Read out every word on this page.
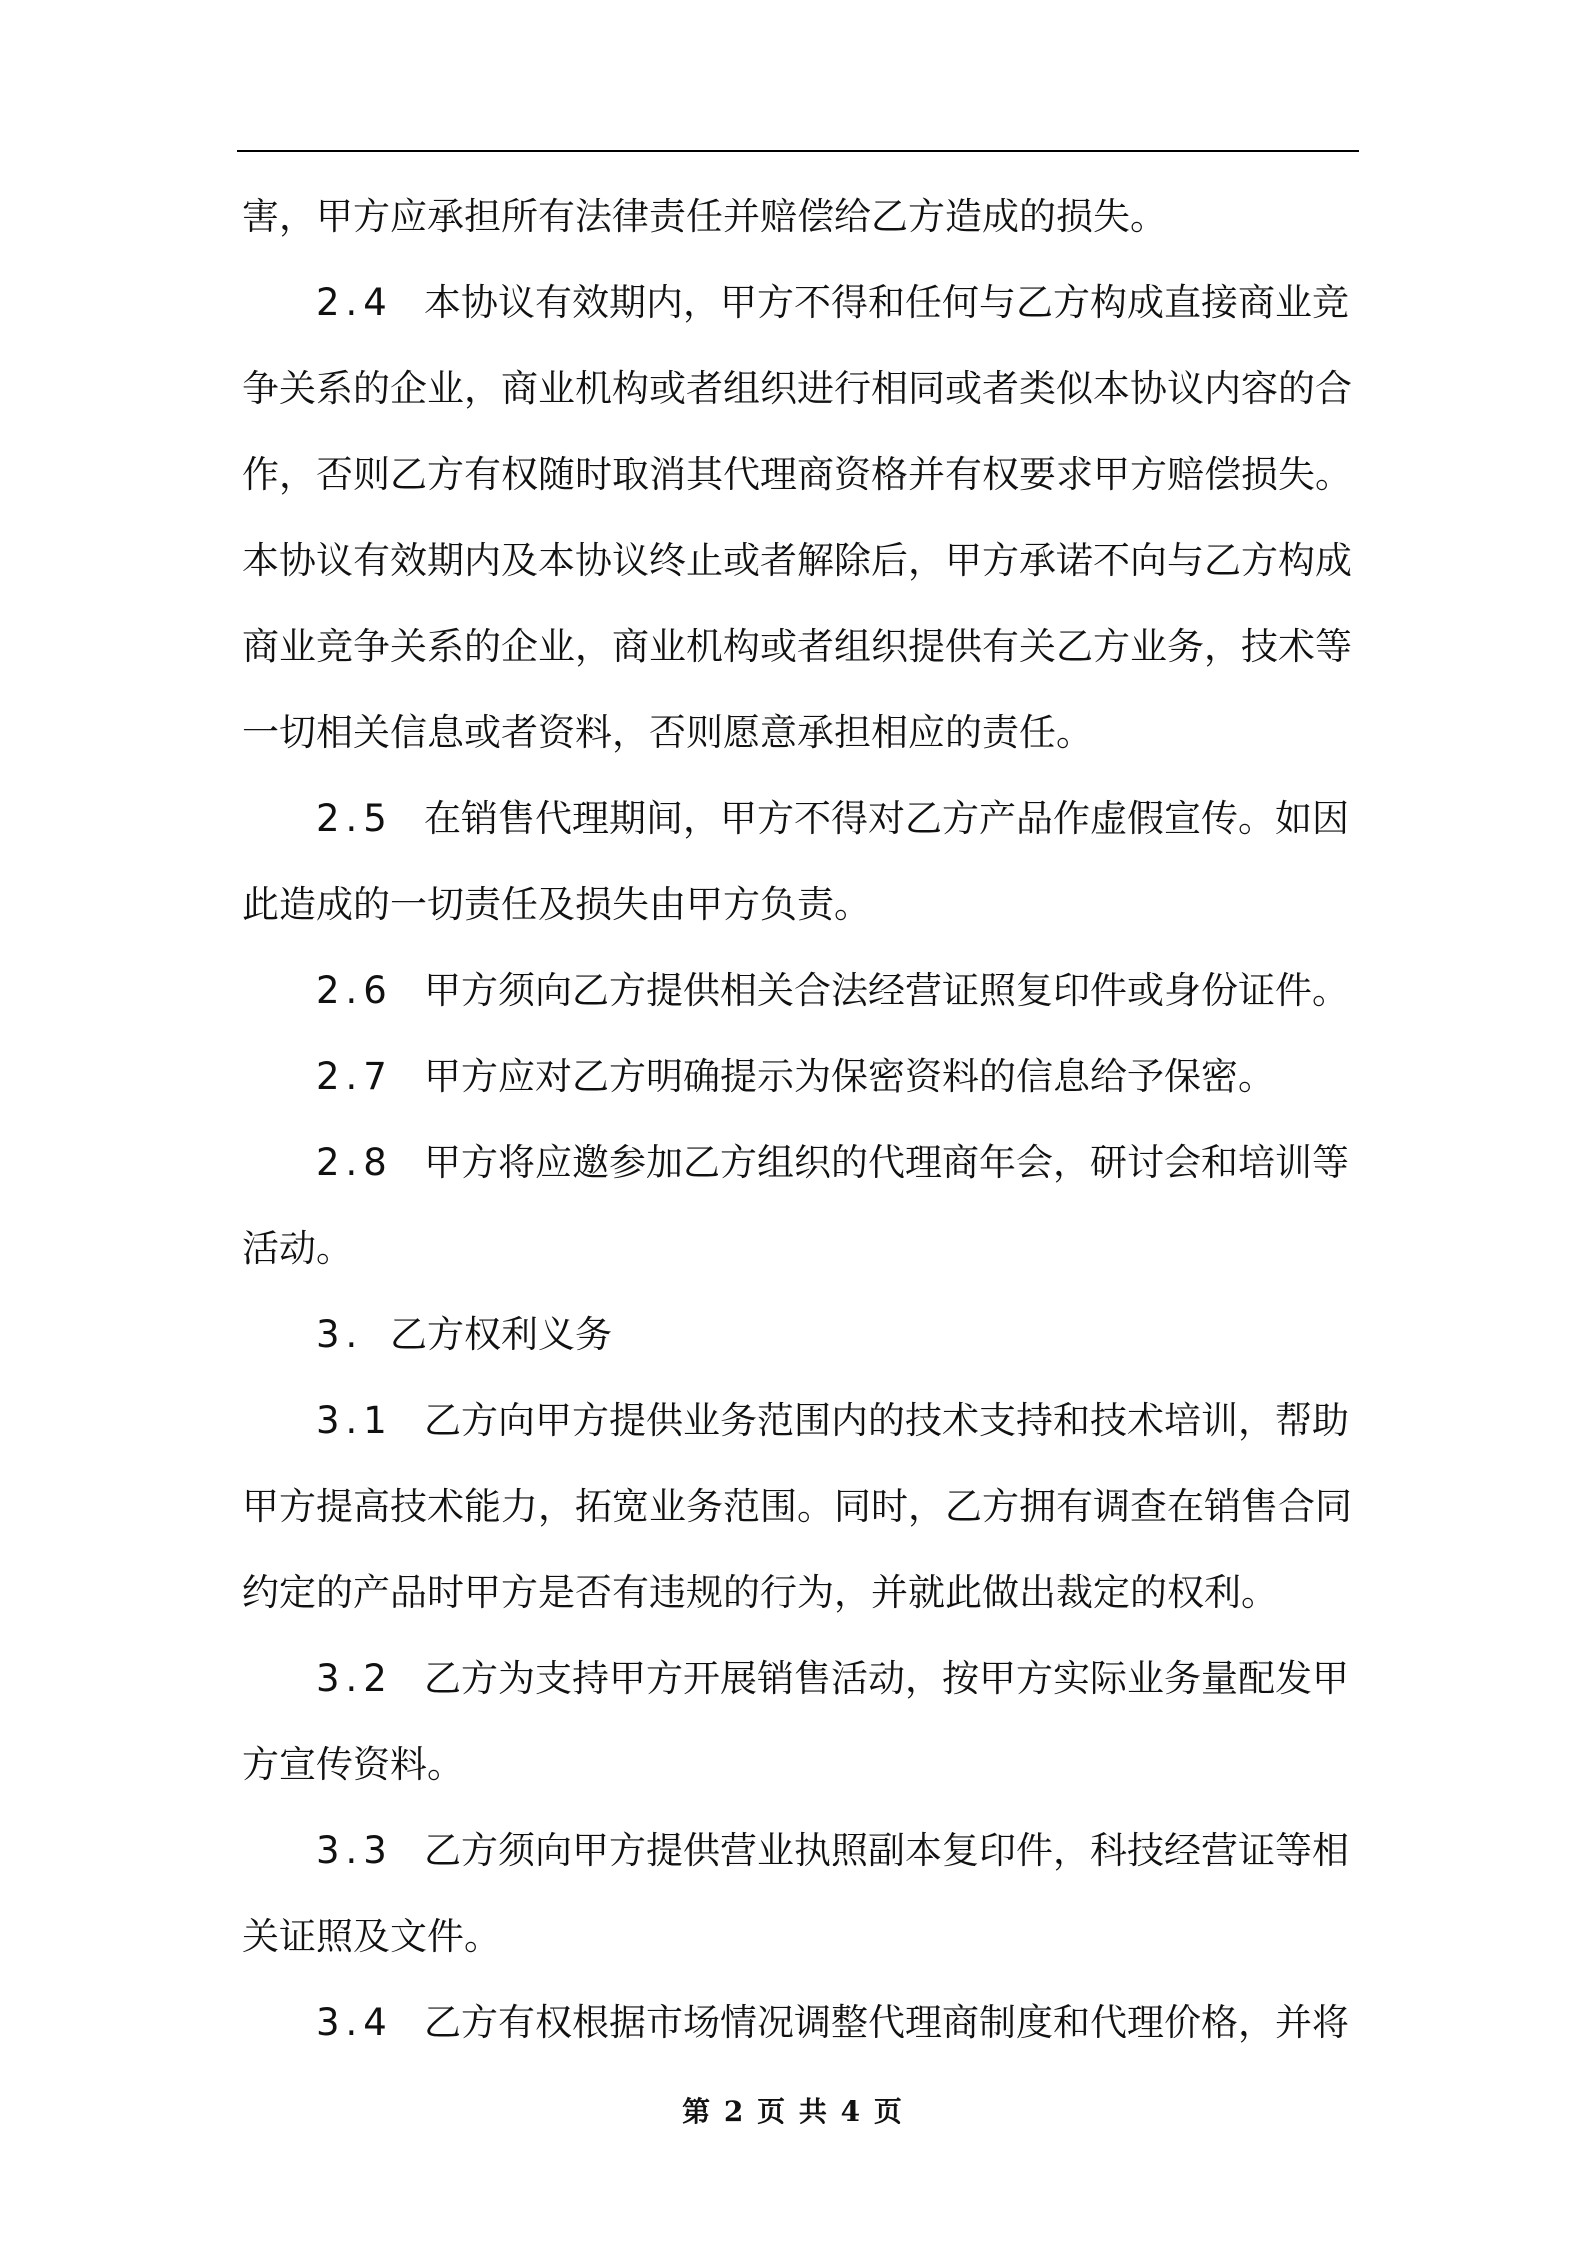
害，甲方应承担所有法律责任并赔偿给乙方造成的损失。
2.4 本协议有效期内，甲方不得和任何与乙方构成直接商业竞
争关系的企业，商业机构或者组织进行相同或者类似本协议内容的合
作，否则乙方有权随时取消其代理商资格并有权要求甲方赔偿损失。
本协议有效期内及本协议终止或者解除后，甲方承诺不向与乙方构成
商业竞争关系的企业，商业机构或者组织提供有关乙方业务，技术等
一切相关信息或者资料，否则愿意承担相应的责任。
2.5 在销售代理期间，甲方不得对乙方产品作虚假宣传。如因
此造成的一切责任及损失由甲方负责。
2.6 甲方须向乙方提供相关合法经营证照复印件或身份证件。
2.7 甲方应对乙方明确提示为保密资料的信息给予保密。
2.8 甲方将应邀参加乙方组织的代理商年会，研讨会和培训等
活动。
3. 乙方权利义务
3.1 乙方向甲方提供业务范围内的技术支持和技术培训，帮助
甲方提高技术能力，拓宽业务范围。同时，乙方拥有调查在销售合同
约定的产品时甲方是否有违规的行为，并就此做出裁定的权利。
3.2 乙方为支持甲方开展销售活动，按甲方实际业务量配发甲
方宣传资料。
3.3 乙方须向甲方提供营业执照副本复印件，科技经营证等相
关证照及文件。
3.4 乙方有权根据市场情况调整代理商制度和代理价格，并将
第 2 页 共 4 页
